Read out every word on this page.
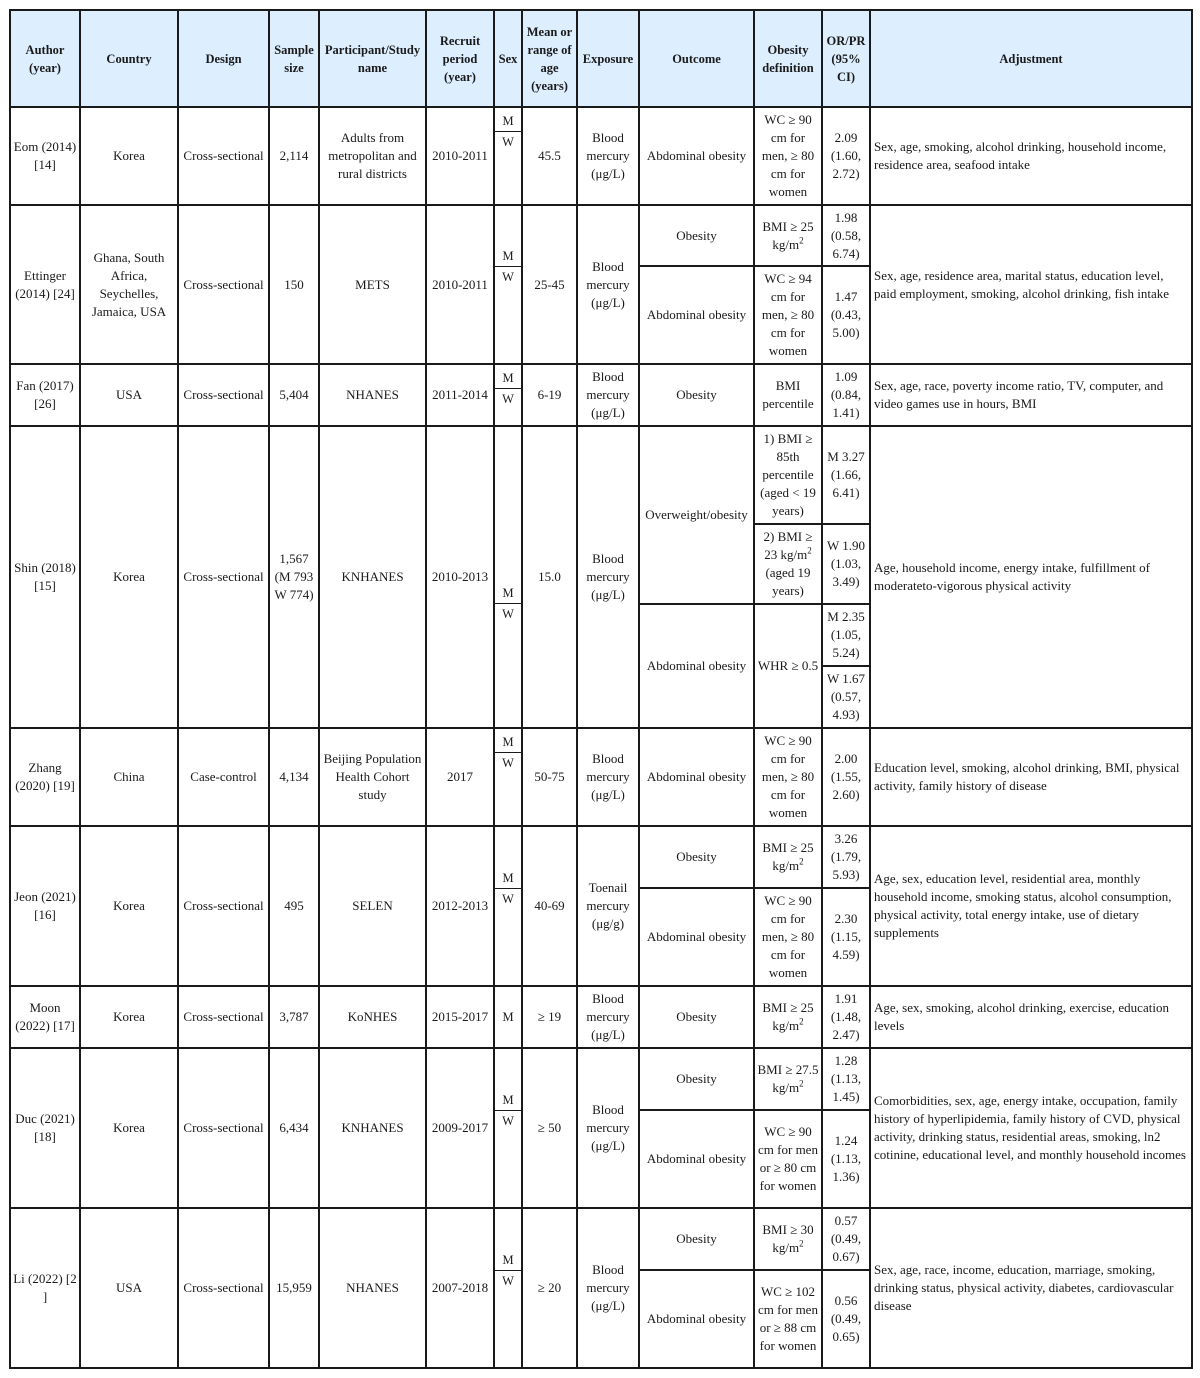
Author (year)	Country	Design	Sample size	Participant/Study name	Recruit period (year)	Sex	Mean or range of age (years)	Exposure	Outcome	Obesity definition	OR/PR (95% CI)	Adjustment
Eom (2014) [14]	Korea	Cross-sectional	2,114	Adults from metropolitan and rural districts	2010-2011	M	45.5	Blood mercury (μg/L)	Abdominal obesity	WC ≥ 90 cm for men, ≥ 80 cm for women	2.09 (1.60, 2.72)	Sex, age, smoking, alcohol drinking, household income, residence area, seafood intake
						W						
Ettinger (2014) [24]	Ghana, South Africa, Seychelles, Jamaica, USA	Cross-sectional	150	METS	2010-2011	M	25-45	Blood mercury (μg/L)	Obesity	BMI ≥ 25 $kg/m^2$	1.98 (0.58, 6.74)	Sex, age, residence area, marital status, education level, paid employment, smoking, alcohol drinking, fish intake
						W			Abdominal obesity	WC ≥ 94 cm for men, ≥ 80 cm for women	1.47 (0.43, 5.00)	
Fan (2017) [26]	USA	Cross-sectional	5,404	NHANES	2011-2014	M	6-19	Blood mercury (μg/L)	Obesity	BMI percentile	1.09 (0.84, 1.41)	Sex, age, race, poverty income ratio, TV, computer, and video games use in hours, BMI
						W						
Shin (2018) [15]	Korea	Cross-sectional	1,567 (M 793 W 774)	KNHANES	2010-2013	M	15.0	Blood mercury (μg/L)	Overweight/obesity	1) BMI ≥ 85th percentile (aged < 19 years)	M 3.27 (1.66, 6.41)	Age, household income, energy intake, fulfillment of moderateto-vigorous physical activity
										2) BMI ≥ 23 $kg/m^2$ (aged 19 years)	W 1.90 (1.03, 3.49)	
						W						
									Abdominal obesity	WHR ≥ 0.5	M 2.35 (1.05, 5.24)	
											W 1.67 (0.57, 4.93)	
Zhang (2020) [19]	China	Case-control	4,134	Beijing Population Health Cohort study	2017	M	50-75	Blood mercury (μg/L)	Abdominal obesity	WC ≥ 90 cm for men, ≥ 80 cm for women	2.00 (1.55, 2.60)	Education level, smoking, alcohol drinking, BMI, physical activity, family history of disease
						W						
Jeon (2021) [16]	Korea	Cross-sectional	495	SELEN	2012-2013	M	40-69	Toenail mercury (μg/g)	Obesity	BMI ≥ 25 $kg/m^2$	3.26 (1.79, 5.93)	Age, sex, education level, residential area, monthly household income, smoking status, alcohol consumption, physical activity, total energy intake, use of dietary supplements
						W			Abdominal obesity	WC ≥ 90 cm for men, ≥ 80 cm for women	2.30 (1.15, 4.59)	
Moon (2022) [17]	Korea	Cross-sectional	3,787	KoNHES	2015-2017	M	≥ 19	Blood mercury (μg/L)	Obesity	BMI ≥ 25 $kg/m^2$	1.91 (1.48, 2.47)	Age, sex, smoking, alcohol drinking, exercise, education levels
Duc (2021) [18]	Korea	Cross-sectional	6,434	KNHANES	2009-2017	M	≥ 50	Blood mercury (μg/L)	Obesity	BMI ≥ 27.5 $kg/m^2$	1.28 (1.13, 1.45)	Comorbidities, sex, age, energy intake, occupation, family history of hyperlipidemia, family history of CVD, physical activity, drinking status, residential areas, smoking, ln2 cotinine, educational level, and monthly household incomes
						W			Abdominal obesity	WC ≥ 90 cm for men or ≥ 80 cm for women	1.24 (1.13, 1.36)	
Li (2022) [2 ]	USA	Cross-sectional	15,959	NHANES	2007-2018	M	≥ 20	Blood mercury (μg/L)	Obesity	BMI ≥ 30 $kg/m^2$	0.57 (0.49, 0.67)	Sex, age, race, income, education, marriage, smoking, drinking status, physical activity, diabetes, cardiovascular disease
						W			Abdominal obesity	WC ≥ 102 cm for men or ≥ 88 cm for women	0.56 (0.49, 0.65)	
